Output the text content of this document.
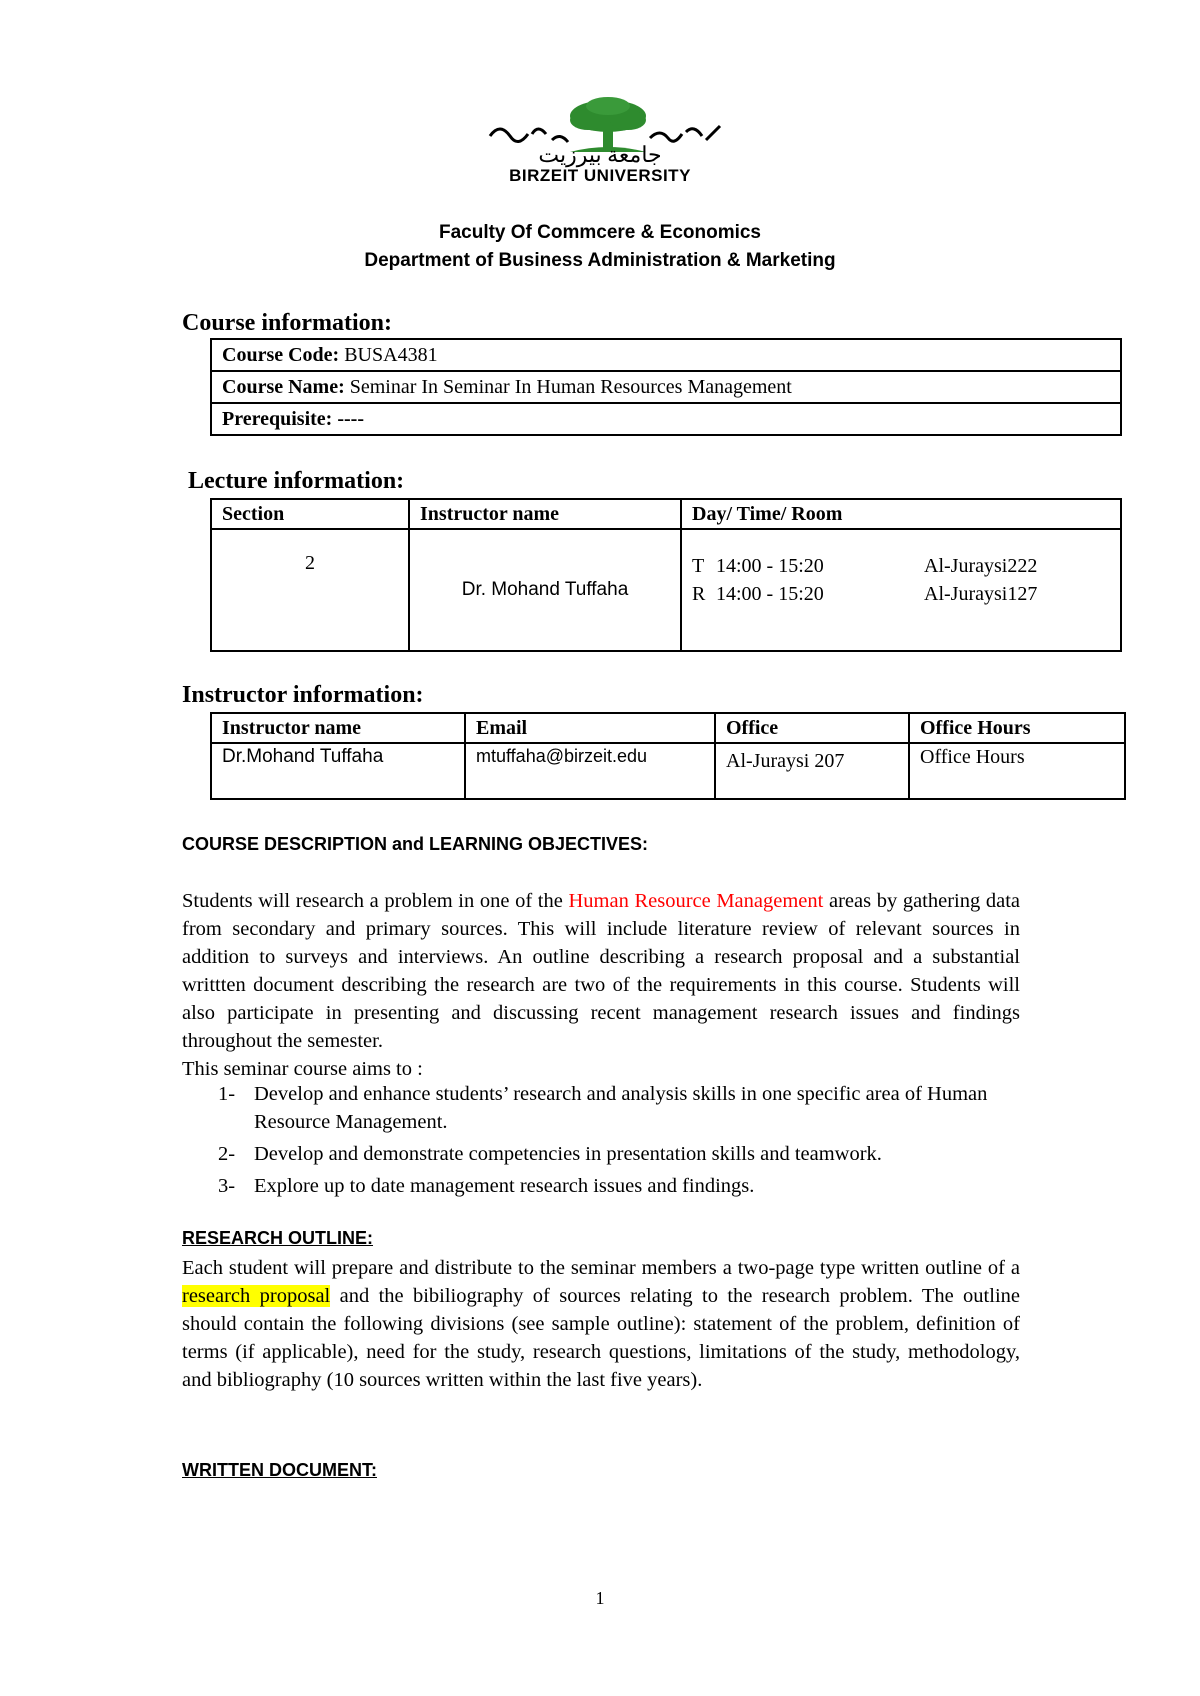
جامعة بيرزيت
BIRZEIT UNIVERSITY
Faculty Of Commcere & Economics
Department of Business Administration & Marketing
Course information:
Course Code: BUSA4381
Course Name: Seminar In Seminar In Human Resources Management
Prerequisite: ----
Lecture information:
Section	Instructor name	Day/ Time/ Room
2	Dr. Mohand Tuffaha	T 14:00 - 15:20 Al-Juraysi222
R 14:00 - 15:20 Al-Juraysi127
Instructor information:
Instructor name	Email	Office	Office Hours
Dr.Mohand Tuffaha	mtuffaha@birzeit.edu	Al-Juraysi 207	Office Hours
COURSE DESCRIPTION and LEARNING OBJECTIVES:
Students will research a problem in one of the Human Resource Management areas by gathering data from secondary and primary sources. This will include literature review of relevant sources in addition to surveys and interviews. An outline describing a research proposal and a substantial writtten document describing the research are two of the requirements in this course. Students will also participate in presenting and discussing recent management research issues and findings throughout the semester.
This seminar course aims to :
1- Develop and enhance students’ research and analysis skills in one specific area of Human Resource Management.
2- Develop and demonstrate competencies in presentation skills and teamwork.
3- Explore up to date management research issues and findings.
RESEARCH OUTLINE:
Each student will prepare and distribute to the seminar members a two-page type written outline of a research proposal and the bibiliography of sources relating to the research problem. The outline should contain the following divisions (see sample outline): statement of the problem, definition of terms (if applicable), need for the study, research questions, limitations of the study, methodology, and bibliography (10 sources written within the last five years).
WRITTEN DOCUMENT:
1
